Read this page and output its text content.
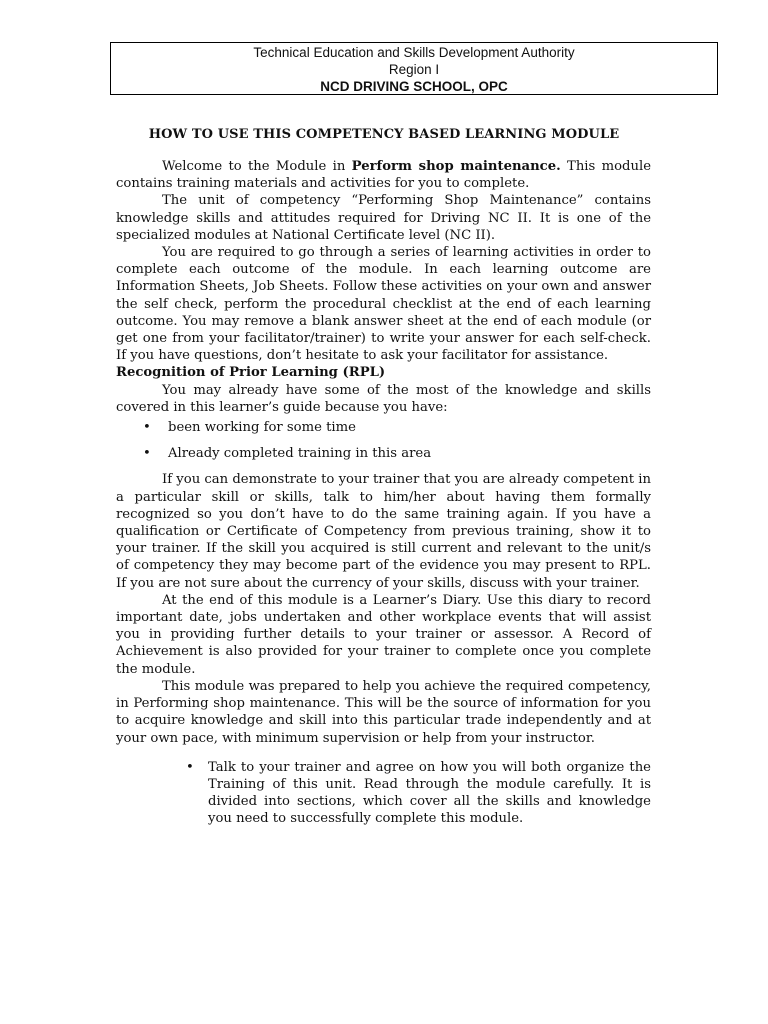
Technical Education and Skills Development Authority
Region I
NCD DRIVING SCHOOL, OPC
HOW TO USE THIS COMPETENCY BASED LEARNING MODULE

Welcome to the Module in Perform shop maintenance. This module contains training materials and activities for you to complete.

The unit of competency “Performing Shop Maintenance” contains knowledge skills and attitudes required for Driving NC II. It is one of the specialized modules at National Certificate level (NC II).

You are required to go through a series of learning activities in order to complete each outcome of the module. In each learning outcome are Information Sheets, Job Sheets. Follow these activities on your own and answer the self check, perform the procedural checklist at the end of each learning outcome. You may remove a blank answer sheet at the end of each module (or get one from your facilitator/trainer) to write your answer for each self-check. If you have questions, don’t hesitate to ask your facilitator for assistance.

Recognition of Prior Learning (RPL)

You may already have some of the most of the knowledge and skills covered in this learner’s guide because you have:

• been working for some time
• Already completed training in this area

If you can demonstrate to your trainer that you are already competent in a particular skill or skills, talk to him/her about having them formally recognized so you don’t have to do the same training again. If you have a qualification or Certificate of Competency from previous training, show it to your trainer. If the skill you acquired is still current and relevant to the unit/s of competency they may become part of the evidence you may present to RPL. If you are not sure about the currency of your skills, discuss with your trainer.

At the end of this module is a Learner’s Diary. Use this diary to record important date, jobs undertaken and other workplace events that will assist you in providing further details to your trainer or assessor. A Record of Achievement is also provided for your trainer to complete once you complete the module.

This module was prepared to help you achieve the required competency, in Performing shop maintenance. This will be the source of information for you to acquire knowledge and skill into this particular trade independently and at your own pace, with minimum supervision or help from your instructor.

• Talk to your trainer and agree on how you will both organize the Training of this unit. Read through the module carefully. It is divided into sections, which cover all the skills and knowledge you need to successfully complete this module.
